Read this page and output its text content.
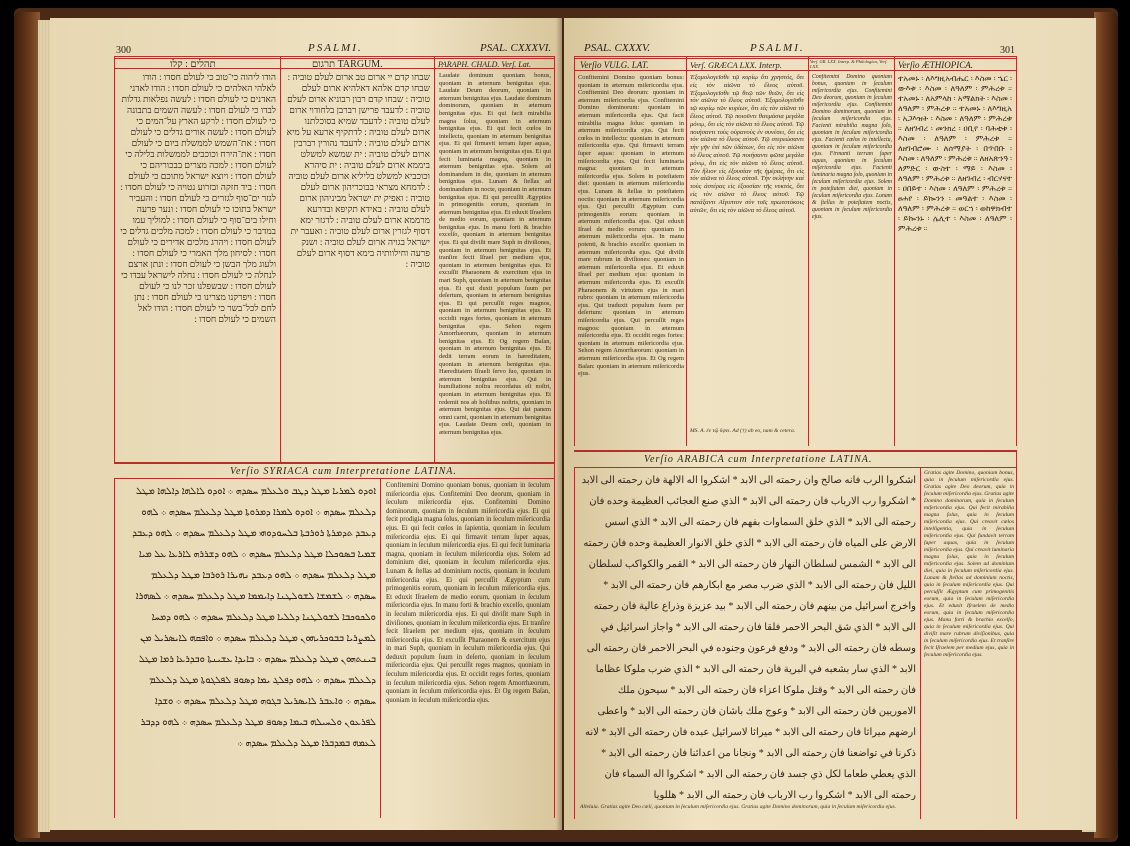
300	PSALMI.	PSAL. CXXXVI.
תהלים : קלו	תרגום TARGUM.	PARAPH. CHALD. Verſ. Lat.
הודו ליהוה כי־טוב כי לעולם חסדו : הודו לאלהי האלהים כי לעולם חסדו : הודו לאדני האדנים כי לעולם חסדו : לעשה נפלאות גדלות לבדו כי לעולם חסדו : לעשה השמים בתבונה כי לעולם חסדו : לרקע הארץ על־המים כי לעולם חסדו : לעשה אורים גדלים כי לעולם חסדו : את־השמש לממשלת ביום כי לעולם חסדו : את־הירח וכוכבים לממשלות בלילה כי לעולם חסדו : למכה מצרים בבכוריהם כי לעולם חסדו : ויוצא ישראל מתוכם כי לעולם חסדו : ביד חזקה ובזרוע נטויה כי לעולם חסדו : לגזר ים־סוף לגזרים כי לעולם חסדו : והעביר ישראל בתוכו כי לעולם חסדו : ונער פרעה וחילו בים־סוף כי לעולם חסדו : למוליך עמו במדבר כי לעולם חסדו : למכה מלכים גדלים כי לעולם חסדו : ויהרג מלכים אדירים כי לעולם חסדו : לסיחון מלך האמרי כי לעולם חסדו : ולעוג מלך הבשן כי לעולם חסדו : ונתן ארצם לנחלה כי לעולם חסדו : נחלה לישראל עבדו כי לעולם חסדו : שבשפלנו זכר לנו כי לעולם חסדו : ויפרקנו מצרינו כי לעולם חסדו : נתן לחם לכל־בשר כי לעולם חסדו : הודו לאל השמים כי לעולם חסדו :
שבחו קדם יי ארום טב ארום לעלם טוביה : שבחו קדם אלהא דאלהיא ארום לעלם טוביה : שבחו קדם רבון רבוניא ארום לעלם טוביה : לדעבד פרישן רברבן בלחודוי ארום לעלם טוביה : לדעבד שמיא בסוכלתנו ארום לעלם טוביה : לדתקיף ארעא על מיא ארום לעלם טוביה : לדעבד נהורין רברבין ארום לעלם טוביה : ית שמשא למשלט ביממא ארום לעלם טוביה : ית סיהרא וכוכביא למשלט בליליא ארום לעלם טוביה : לדמחא מצראי בבוכריהון ארום לעלם טוביה : ואפיק ית ישראל מביניהון ארום לעלם טוביה : באידא תקיפא ובדרעא מרממא ארום לעלם טוביה : לדגזר ימא דסוף לגזרין ארום לעלם טוביה : ואעבר ית ישראל בגויה ארום לעלם טוביה : ושנק פרעה וחילוותיה בימא דסוף ארום לעלם טוביה :
Laudate dominum quoniam bonus, quoniam in æternum benignitas ejus. Laudate Deum deorum, quoniam in æternum benignitas ejus. Laudate dominum dominorum, quoniam in æternum benignitas ejus. Ei qui facit mirabilia magna ſolus, quoniam in æternum benignitas ejus. Ei qui fecit cœlos in intellectu, quoniam in æternum benignitas ejus. Ei qui firmavit terram ſuper aquas, quoniam in æternum benignitas ejus. Ei qui fecit luminaria magna, quoniam in æternum benignitas ejus. Solem ad dominandum in die, quoniam in æternum benignitas ejus. Lunam & ſtellas ad dominandum in nocte, quoniam in æternum benignitas ejus. Ei qui percuſſit Ægyptios in primogenitis eorum, quoniam in æternum benignitas ejus. Et eduxit Iſraelem de medio eorum, quoniam in æternum benignitas ejus. In manu forti & brachio excelſo, quoniam in æternum benignitas ejus. Ei qui diviſit mare Suph in diviſiones, quoniam in æternum benignitas ejus. Et tranſire fecit Iſrael per medium ejus, quoniam in æternum benignitas ejus. Et excuſſit Pharaonem & exercitum ejus in mari Suph, quoniam in æternum benignitas ejus. Ei qui duxit populum ſuum per deſertum, quoniam in æternum benignitas ejus. Ei qui percuſſit reges magnos, quoniam in æternum benignitas ejus. Et occidit reges fortes, quoniam in æternum benignitas ejus. Sehon regem Amorrhæorum, quoniam in æternum benignitas ejus. Et Og regem Baſan, quoniam in æternum benignitas ejus. Et dedit terram eorum in hæreditatem, quoniam in æternum benignitas ejus. Hæreditatem Iſraeli ſervo ſuo, quoniam in æternum benignitas ejus. Qui in humiliatione noſtra recordatus eſt noſtri, quoniam in æternum benignitas ejus. Et redemit nos ab hoſtibus noſtris, quoniam in æternum benignitas ejus. Qui dat panem omni carni, quoniam in æternum benignitas ejus. Laudate Deum cœli, quoniam in æternum benignitas ejus.
Verſio SYRIACA cum Interpretatione LATINA.
ܐܘܕܘ ܠܡܪܝܐ ܡܛܠ ܕܛܒ ܘܠܥܠܡ ܚܣܕܗ ܀ ܐܘܕܘ ܠܐܠܗܐ ܕܐܠܗܐ ܡܛܠ ܕܠܥܠܡ ܚܣܕܗ ܀ ܐܘܕܘ ܠܡܪܐ ܕܡܪܘܬܐ ܡܛܠ ܕܠܥܠܡ ܚܣܕܗ ܀ ܠܗܘ ܕܥܒܕ ܬܕܡܪܬܐ ܪܘܪܒܬܐ ܒܠܚܘܕܘܗܝ ܡܛܠ ܕܠܥܠܡ ܚܣܕܗ ܀ ܠܗܘ ܕܥܒܕ ܫܡܝܐ ܒܣܘܟܠܐ ܡܛܠ ܕܠܥܠܡ ܚܣܕܗ ܀ ܠܗܘ ܕܫܪܪܗ ܠܐܪܥܐ ܥܠ ܡܝܐ ܡܛܠ ܕܠܥܠܡ ܚܣܕܗ ܀ ܠܗܘ ܕܥܒܕ ܢܗܝܪܐ ܪܘܪܒܐ ܡܛܠ ܕܠܥܠܡ ܚܣܕܗ ܀ ܠܫܡܫܐ ܠܫܘܠܛܢܐ ܕܐܝܡܡܐ ܡܛܠ ܕܠܥܠܡ ܚܣܕܗ ܀ ܠܣܗܪܐ ܘܠܟܘܟܒܐ ܠܫܘܠܛܢܐ ܕܠܠܝܐ ܡܛܠ ܕܠܥܠܡ ܚܣܕܗ ܀ ܠܗܘ ܕܡܚܐ ܠܡܨܪܝܐ ܒܒܘܟܪܝܗܘܢ ܡܛܠ ܕܠܥܠܡ ܚܣܕܗ ܀ ܘܐܦܩܗ ܠܐܝܣܪܝܠ ܡܢ ܒܝܢܬܗܘܢ ܡܛܠ ܕܠܥܠܡ ܚܣܕܗ ܀ ܒܐܝܕܐ ܥܫܝܢܬܐ ܘܒܕܪܥܐ ܪܡܐ ܡܛܠ ܕܠܥܠܡ ܚܣܕܗ ܀ ܠܗܘ ܕܦܠܓ ܝܡܐ ܕܣܘܦ ܠܦܠܓܘܬܐ ܡܛܠ ܕܠܥܠܡ ܚܣܕܗ ܀ ܘܐܥܒܪ ܠܐܝܣܪܝܠ ܒܓܘܗ ܡܛܠ ܕܠܥܠܡ ܚܣܕܗ ܀ ܘܫܕܐ ܠܦܪܥܘܢ ܘܠܚܝܠܗ ܒܝܡܐ ܕܣܘܦ ܡܛܠ ܕܠܥܠܡ ܚܣܕܗ ܀ ܠܗܘ ܕܕܒܪ ܠܥܡܗ ܒܡܕܒܪܐ ܡܛܠ ܕܠܥܠܡ ܚܣܕܗ ܀
Confitemini Domino quoniam bonus, quoniam in ſeculum miſericordia ejus. Confitemini Deo deorum, quoniam in ſeculum miſericordia ejus. Confitemini Domino dominorum, quoniam in ſeculum miſericordia ejus. Ei qui fecit prodigia magna ſolus, quoniam in ſeculum miſericordia ejus. Ei qui fecit cœlos in ſapientia, quoniam in ſeculum miſericordia ejus. Ei qui firmavit terram ſuper aquas, quoniam in ſeculum miſericordia ejus. Ei qui fecit luminaria magna, quoniam in ſeculum miſericordia ejus. Solem ad dominium diei, quoniam in ſeculum miſericordia ejus. Lunam & ſtellas ad dominium noctis, quoniam in ſeculum miſericordia ejus. Ei qui percuſſit Ægyptum cum primogenitis eorum, quoniam in ſeculum miſericordia ejus. Et eduxit Iſraelem de medio eorum, quoniam in ſeculum miſericordia ejus. In manu forti & brachio excelſo, quoniam in ſeculum miſericordia ejus. Ei qui diviſit mare Suph in diviſiones, quoniam in ſeculum miſericordia ejus. Et tranſire fecit Iſraelem per medium ejus, quoniam in ſeculum miſericordia ejus. Et excuſſit Pharaonem & exercitum ejus in mari Suph, quoniam in ſeculum miſericordia ejus. Qui deduxit populum ſuum in deſerto, quoniam in ſeculum miſericordia ejus. Qui percuſſit reges magnos, quoniam in ſeculum miſericordia ejus. Et occidit reges fortes, quoniam in ſeculum miſericordia ejus. Sehon regem Amorrhæorum, quoniam in ſeculum miſericordia ejus. Et Og regem Baſan, quoniam in ſeculum miſericordia ejus.
PSAL. CXXXV.	PSALMI.	301
Verſio VULG. LAT.	Verſ. GRÆCA LXX. Interp.	Verſ. GR. LXX. Interp. & Philologica, Verſ. LXX.	Verſio ÆTHIOPICA.
Confitemini Domino quoniam bonus: quoniam in æternum miſericordia ejus. Confitemini Deo deorum: quoniam in æternum miſericordia ejus. Confitemini Domino dominorum: quoniam in æternum miſericordia ejus. Qui facit mirabilia magna ſolus: quoniam in æternum miſericordia ejus. Qui fecit cœlos in intellectu: quoniam in æternum miſericordia ejus. Qui firmavit terram ſuper aquas: quoniam in æternum miſericordia ejus. Qui fecit luminaria magna: quoniam in æternum miſericordia ejus. Solem in poteſtatem diei: quoniam in æternum miſericordia ejus. Lunam & ſtellas in poteſtatem noctis: quoniam in æternum miſericordia ejus. Qui percuſſit Ægyptum cum primogenitis eorum: quoniam in æternum miſericordia ejus. Qui eduxit Iſrael de medio eorum: quoniam in æternum miſericordia ejus. In manu potenti, & brachio excelſo: quoniam in æternum miſericordia ejus. Qui diviſit mare rubrum in diviſiones: quoniam in æternum miſericordia ejus. Et eduxit Iſrael per medium ejus: quoniam in æternum miſericordia ejus. Et excuſſit Pharaonem & virtutem ejus in mari rubro: quoniam in æternum miſericordia ejus. Qui traduxit populum ſuum per deſertum: quoniam in æternum miſericordia ejus. Qui percuſſit reges magnos: quoniam in æternum miſericordia ejus. Et occidit reges fortes: quoniam in æternum miſericordia ejus. Sehon regem Amorrhæorum: quoniam in æternum miſericordia ejus. Et Og regem Baſan: quoniam in æternum miſericordia ejus.
Ἐξομολογεῖσθε τῷ κυρίῳ ὅτι χρηστός, ὅτι εἰς τὸν αἰῶνα τὸ ἔλεος αὐτοῦ. Ἐξομολογεῖσθε τῷ θεῷ τῶν θεῶν, ὅτι εἰς τὸν αἰῶνα τὸ ἔλεος αὐτοῦ. Ἐξομολογεῖσθε τῷ κυρίῳ τῶν κυρίων, ὅτι εἰς τὸν αἰῶνα τὸ ἔλεος αὐτοῦ. Τῷ ποιοῦντι θαυμάσια μεγάλα μόνῳ, ὅτι εἰς τὸν αἰῶνα τὸ ἔλεος αὐτοῦ. Τῷ ποιήσαντι τοὺς οὐρανοὺς ἐν συνέσει, ὅτι εἰς τὸν αἰῶνα τὸ ἔλεος αὐτοῦ. Τῷ στερεώσαντι τὴν γῆν ἐπὶ τῶν ὑδάτων, ὅτι εἰς τὸν αἰῶνα τὸ ἔλεος αὐτοῦ. Τῷ ποιήσαντι φῶτα μεγάλα μόνῳ, ὅτι εἰς τὸν αἰῶνα τὸ ἔλεος αὐτοῦ. Τὸν ἥλιον εἰς ἐξουσίαν τῆς ἡμέρας, ὅτι εἰς τὸν αἰῶνα τὸ ἔλεος αὐτοῦ. Τὴν σελήνην καὶ τοὺς ἀστέρας εἰς ἐξουσίαν τῆς νυκτός, ὅτι εἰς τὸν αἰῶνα τὸ ἔλεος αὐτοῦ. Τῷ πατάξαντι Αἴγυπτον σὺν τοῖς πρωτοτόκοις αὐτῶν, ὅτι εἰς τὸν αἰῶνα τὸ ἔλεος αὐτοῦ.
MS. A. ἐν τῷ ὕψει. Ad (†) ab eo, nam & cetera.
Confitemini Domino quoniam bonus, quoniam in ſeculum miſericordia ejus. Confitemini Deo deorum, quoniam in ſeculum miſericordia ejus. Confitemini Domino dominorum, quoniam in ſeculum miſericordia ejus. Facienti mirabilia magna ſolo, quoniam in ſeculum miſericordia ejus. Facienti cœlos in intellectu, quoniam in ſeculum miſericordia ejus. Firmanti terram ſuper aquas, quoniam in ſeculum miſericordia ejus. Facienti luminaria magna ſolo, quoniam in ſeculum miſericordia ejus. Solem in poteſtatem diei, quoniam in ſeculum miſericordia ejus. Lunam & ſtellas in poteſtatem noctis, quoniam in ſeculum miſericordia ejus.
ተአመኑ ፡ ለእግዚአብሔር ፡ እስመ ፡ ኄር ፡ ውእቱ ፡ እስመ ፡ ለዓለም ፡ ምሕረቱ ። ተአመኑ ፡ ለአምላከ ፡ አማልክት ፡ እስመ ፡ ለዓለም ፡ ምሕረቱ ። ተአመኑ ፡ ለእግዚአ ፡ አጋእዝት ፡ እስመ ፡ ለዓለም ፡ ምሕረቱ ። ለዘገብረ ፡ መንክረ ፡ ዐቢየ ፡ ባሕቲቱ ፡ እስመ ፡ ለዓለም ፡ ምሕረቱ ። ለዘገብሮሙ ፡ ለሰማያት ፡ በጥበቡ ፡ እስመ ፡ ለዓለም ፡ ምሕረቱ ። ለዘአጽንዓ ፡ ለምድር ፡ ውስተ ፡ ማይ ፡ እስመ ፡ ለዓለም ፡ ምሕረቱ ። ለዘገብረ ፡ ብርሃናተ ፡ ዐበይተ ፡ እስመ ፡ ለዓለም ፡ ምሕረቱ ። ፀሐየ ፡ ይኰንን ፡ መዓልተ ፡ እስመ ፡ ለዓለም ፡ ምሕረቱ ። ወርኀ ፡ ወከዋክብተ ፡ ይኰንኑ ፡ ሌሊተ ፡ እስመ ፡ ለዓለም ፡ ምሕረቱ ።
Verſio ARABICA cum Interpretatione LATINA.
اشكروا الرب فانه صالح وان رحمته الى الابد * اشكروا اله الالهة فان رحمته الى الابد * اشكروا رب الارباب فان رحمته الى الابد * الذي صنع العجائب العظيمة وحده فان رحمته الى الابد * الذي خلق السماوات بفهم فان رحمته الى الابد * الذي اسس الارض على المياه فان رحمته الى الابد * الذي خلق الانوار العظيمة وحده فان رحمته الى الابد * الشمس لسلطان النهار فان رحمته الى الابد * القمر والكواكب لسلطان الليل فان رحمته الى الابد * الذي ضرب مصر مع ابكارهم فان رحمته الى الابد * واخرج اسرائيل من بينهم فان رحمته الى الابد * بيد عزيزة وذراع عالية فان رحمته الى الابد * الذي شق البحر الاحمر فلقا فان رحمته الى الابد * واجاز اسرائيل في وسطه فان رحمته الى الابد * ودفع فرعون وجنوده في البحر الاحمر فان رحمته الى الابد * الذي سار بشعبه في البرية فان رحمته الى الابد * الذي ضرب ملوكا عظاما فان رحمته الى الابد * وقتل ملوكا اعزاء فان رحمته الى الابد * سيحون ملك الاموريين فان رحمته الى الابد * وعوج ملك باشان فان رحمته الى الابد * واعطى ارضهم ميراثا فان رحمته الى الابد * ميراثا لاسرائيل عبده فان رحمته الى الابد * لانه ذكرنا في تواضعنا فان رحمته الى الابد * ونجانا من اعدائنا فان رحمته الى الابد * الذي يعطي طعاما لكل ذي جسد فان رحمته الى الابد * اشكروا اله السماء فان رحمته الى الابد * اشكروا رب الارباب فان رحمته الى الابد * هللويا
Alleluia. Gratias agite Deo cœli, quoniam in ſeculum miſericordia ejus. Gratias agite Domino dominorum, quia in ſeculum miſericordia ejus.
Gratias agite Domino, quoniam bonus, quia in ſeculum miſericordia ejus. Gratias agite Deo deorum, quia in ſeculum miſericordia ejus. Gratias agite Domino dominorum, quia in ſeculum miſericordia ejus. Qui fecit mirabilia magna ſolus, quia in ſeculum miſericordia ejus. Qui creavit cœlos intelligentia, quia in ſeculum miſericordia ejus. Qui fundavit terram ſuper aquas, quia in ſeculum miſericordia ejus. Qui creavit luminaria magna ſolus, quia in ſeculum miſericordia ejus. Solem ad dominium diei, quia in ſeculum miſericordia ejus. Lunam & ſtellas ad dominium noctis, quia in ſeculum miſericordia ejus. Qui percuſſit Ægyptum cum primogenitis eorum, quia in ſeculum miſericordia ejus. Et eduxit Iſraelem de medio eorum, quia in ſeculum miſericordia ejus. Manu forti & brachio excelſo, quia in ſeculum miſericordia ejus. Qui diviſit mare rubrum diviſionibus, quia in ſeculum miſericordia ejus. Et tranſire fecit Iſraelem per medium ejus, quia in ſeculum miſericordia ejus.
